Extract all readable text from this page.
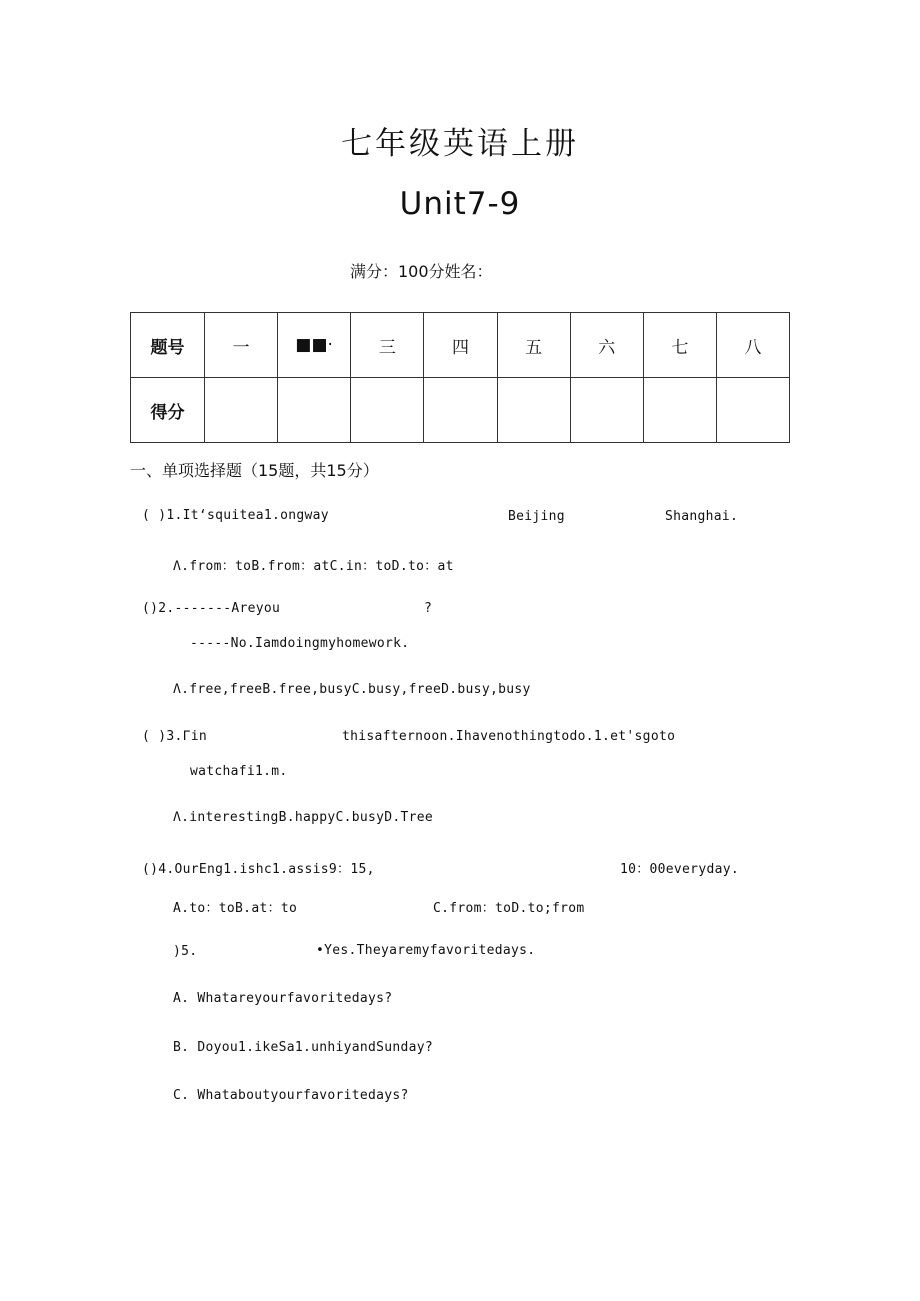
七年级英语上册
Unit7-9
满分：100分姓名：
题号	一	■■·	三	四	五	六	七	八
得分								
一、单项选择题（15题，共15分）
( )1.It‘squitea1.ongway	Beijing	Shanghai.
Λ.from：toB.from：atC.in：toD.to：at
()2.-------Areyou	?
-----No.Iamdoingmyhomework.
Λ.free,freeB.free,busyC.busy,freeD.busy,busy
( )3.Γin	thisafternoon.Ihavenothingtodo.1.et'sgoto
watchafi1.m.
Λ.interestingB.happyC.busyD.Tree
()4.OurEng1.ishc1.assis9：15,	10：00everyday.
A.to：toB.at：to	C.from：toD.to;from
)5.	•Yes.Theyaremyfavoritedays.
A. Whatareyourfavoritedays?
B. Doyou1.ikeSa1.unhiyandSunday?
C. Whataboutyourfavoritedays?
